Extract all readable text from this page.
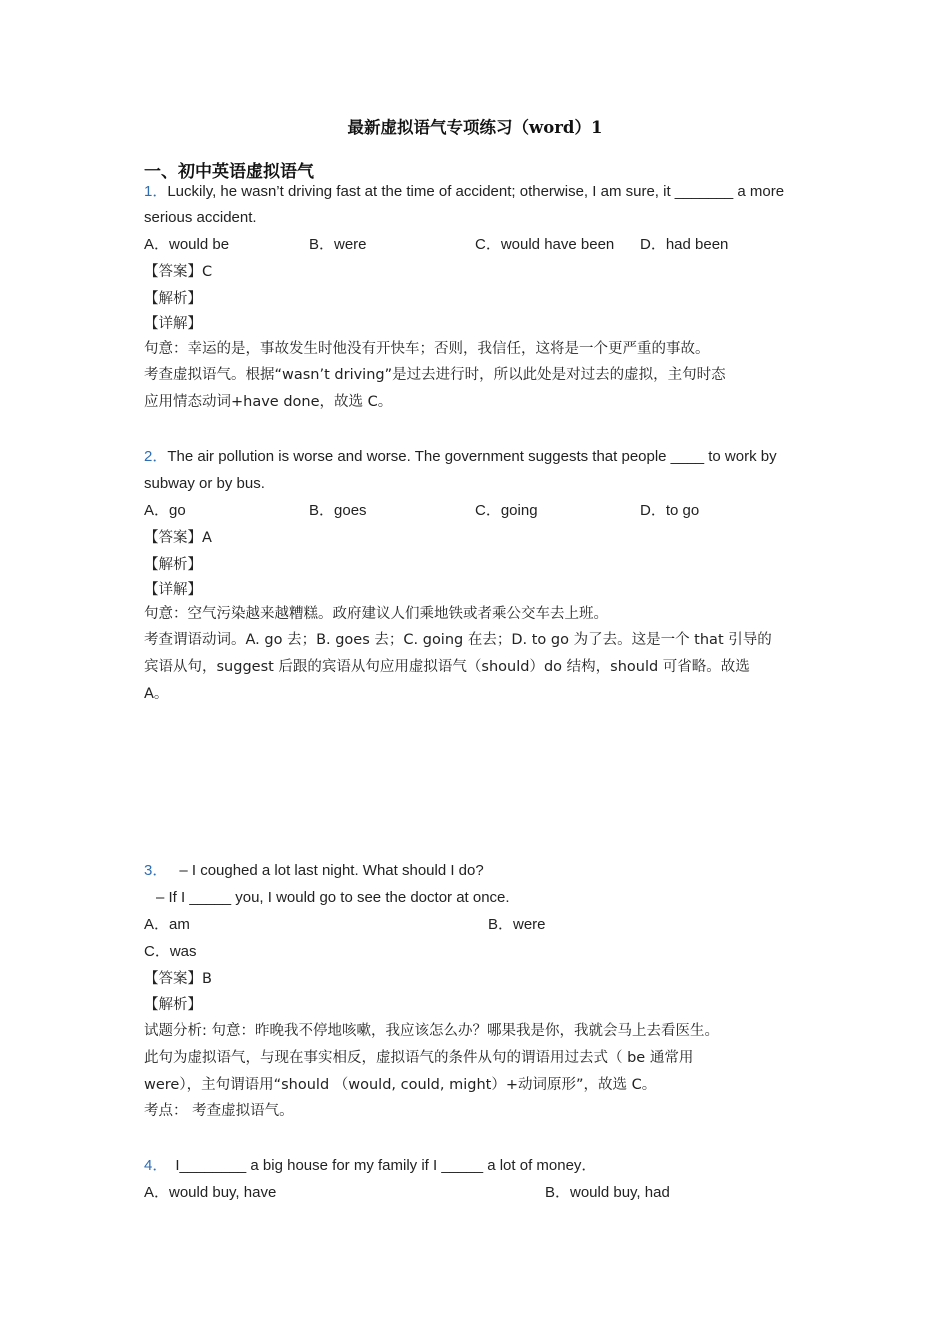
最新虚拟语气专项练习（word）1
一、初中英语虚拟语气
1．Luckily, he wasn’t driving fast at the time of accident; otherwise, I am sure, it _______ a more
serious accident.
A．would be	B．were	C．would have been D．had been
【答案】C
【解析】
【详解】
句意：幸运的是，事故发生时他没有开快车；否则，我信任，这将是一个更严重的事故。
考查虚拟语气。根据“wasn’t driving”是过去进行时，所以此处是对过去的虚拟，主句时态
应用情态动词+have done，故选 C。
2．The air pollution is worse and worse. The government suggests that people ____ to work by
subway or by bus.
A．go	B．goes	C．going	D．to go
【答案】A
【解析】
【详解】
句意：空气污染越来越糟糕。政府建议人们乘地铁或者乘公交车去上班。
考查谓语动词。A. go 去；B. goes 去；C. going 在去；D. to go 为了去。这是一个 that 引导的
宾语从句，suggest 后跟的宾语从句应用虚拟语气（should）do 结构，should 可省略。故选
A。
3． – I coughed a lot last night. What should I do?
– If I _____ you, I would go to see the doctor at once.
A．am	B．were
C．was
【答案】B
【解析】
试题分析: 句意：昨晚我不停地咳嗽，我应该怎么办？哪果我是你，我就会马上去看医生。
此句为虚拟语气，与现在事实相反，虚拟语气的条件从句的谓语用过去式（ be 通常用
were），主句谓语用“should （would, could, might）+动词原形”，故选 C。
考点： 考查虚拟语气。
4． I________ a big house for my family if I _____ a lot of money．
A．would buy, have	B．would buy, had
